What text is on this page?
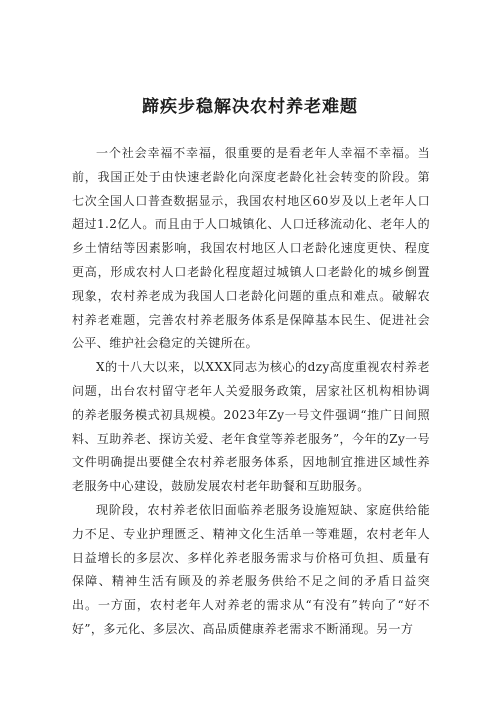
蹄疾步稳解决农村养老难题

一个社会幸福不幸福，很重要的是看老年人幸福不幸福。当前，我国正处于由快速老龄化向深度老龄化社会转变的阶段。第七次全国人口普查数据显示，我国农村地区60岁及以上老年人口超过1.2亿人。而且由于人口城镇化、人口迁移流动化、老年人的乡土情结等因素影响，我国农村地区人口老龄化速度更快、程度更高，形成农村人口老龄化程度超过城镇人口老龄化的城乡倒置现象，农村养老成为我国人口老龄化问题的重点和难点。破解农村养老难题，完善农村养老服务体系是保障基本民生、促进社会公平、维护社会稳定的关键所在。

X的十八大以来，以XXX同志为核心的dzy高度重视农村养老问题，出台农村留守老年人关爱服务政策，居家社区机构相协调的养老服务模式初具规模。2023年Zy一号文件强调“推广日间照料、互助养老、探访关爱、老年食堂等养老服务”，今年的Zy一号文件明确提出要健全农村养老服务体系，因地制宜推进区域性养老服务中心建设，鼓励发展农村老年助餐和互助服务。

现阶段，农村养老依旧面临养老服务设施短缺、家庭供给能力不足、专业护理匮乏、精神文化生活单一等难题，农村老年人日益增长的多层次、多样化养老服务需求与价格可负担、质量有保障、精神生活有顾及的养老服务供给不足之间的矛盾日益突出。一方面，农村老年人对养老的需求从“有没有”转向了“好不好”，多元化、多层次、高品质健康养老需求不断涌现。另一方
